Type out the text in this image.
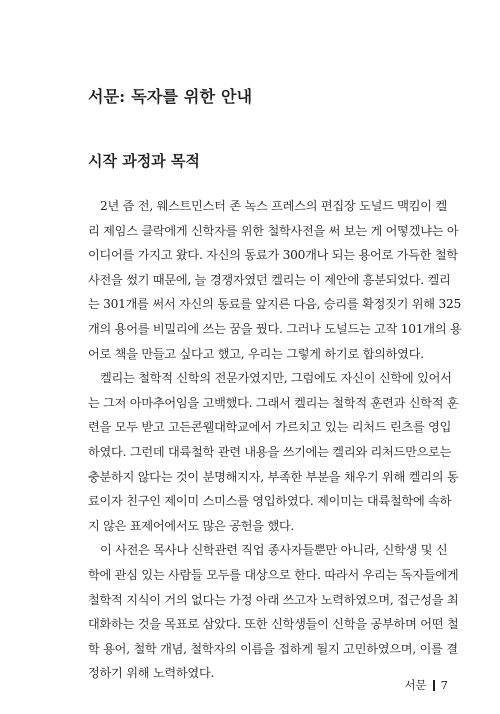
서문: 독자를 위한 안내
시작 과정과 목적
2년 즘 전, 웨스트민스터 존 녹스 프레스의 편집장 도널드 맥킴이 켈
리 제임스 클락에게 신학자를 위한 철학사전을 써 보는 게 어떻겠냐는 아
이디어를 가지고 왔다. 자신의 동료가 300개나 되는 용어로 가득한 철학
사전을 썼기 때문에, 늘 경쟁자였던 켈리는 이 제안에 흥분되었다. 켈리
는 301개를 써서 자신의 동료를 앞지른 다음, 승리를 확정짓기 위해 325
개의 용어를 비밀리에 쓰는 꿈을 꿨다. 그러나 도널드는 고작 101개의 용
어로 책을 만들고 싶다고 했고, 우리는 그렇게 하기로 합의하였다.
켈리는 철학적 신학의 전문가였지만, 그럼에도 자신이 신학에 있어서
는 그저 아마추어임을 고백했다. 그래서 켈리는 철학적 훈련과 신학적 훈
련을 모두 받고 고든콘웰대학교에서 가르치고 있는 리처드 린츠를 영입
하였다. 그런데 대륙철학 관련 내용을 쓰기에는 켈리와 리처드만으로는
충분하지 않다는 것이 분명해지자, 부족한 부분을 채우기 위해 켈리의 동
료이자 친구인 제이미 스미스를 영입하였다. 제이미는 대륙철학에 속하
지 않은 표제어에서도 많은 공헌을 했다.
이 사전은 목사나 신학관련 직업 종사자들뿐만 아니라, 신학생 및 신
학에 관심 있는 사람들 모두를 대상으로 한다. 따라서 우리는 독자들에게
철학적 지식이 거의 없다는 가정 아래 쓰고자 노력하였으며, 접근성을 최
대화하는 것을 목표로 삼았다. 또한 신학생들이 신학을 공부하며 어떤 철
학 용어, 철학 개념, 철학자의 이름을 접하게 될지 고민하였으며, 이를 결
정하기 위해 노력하였다.
서문 7
